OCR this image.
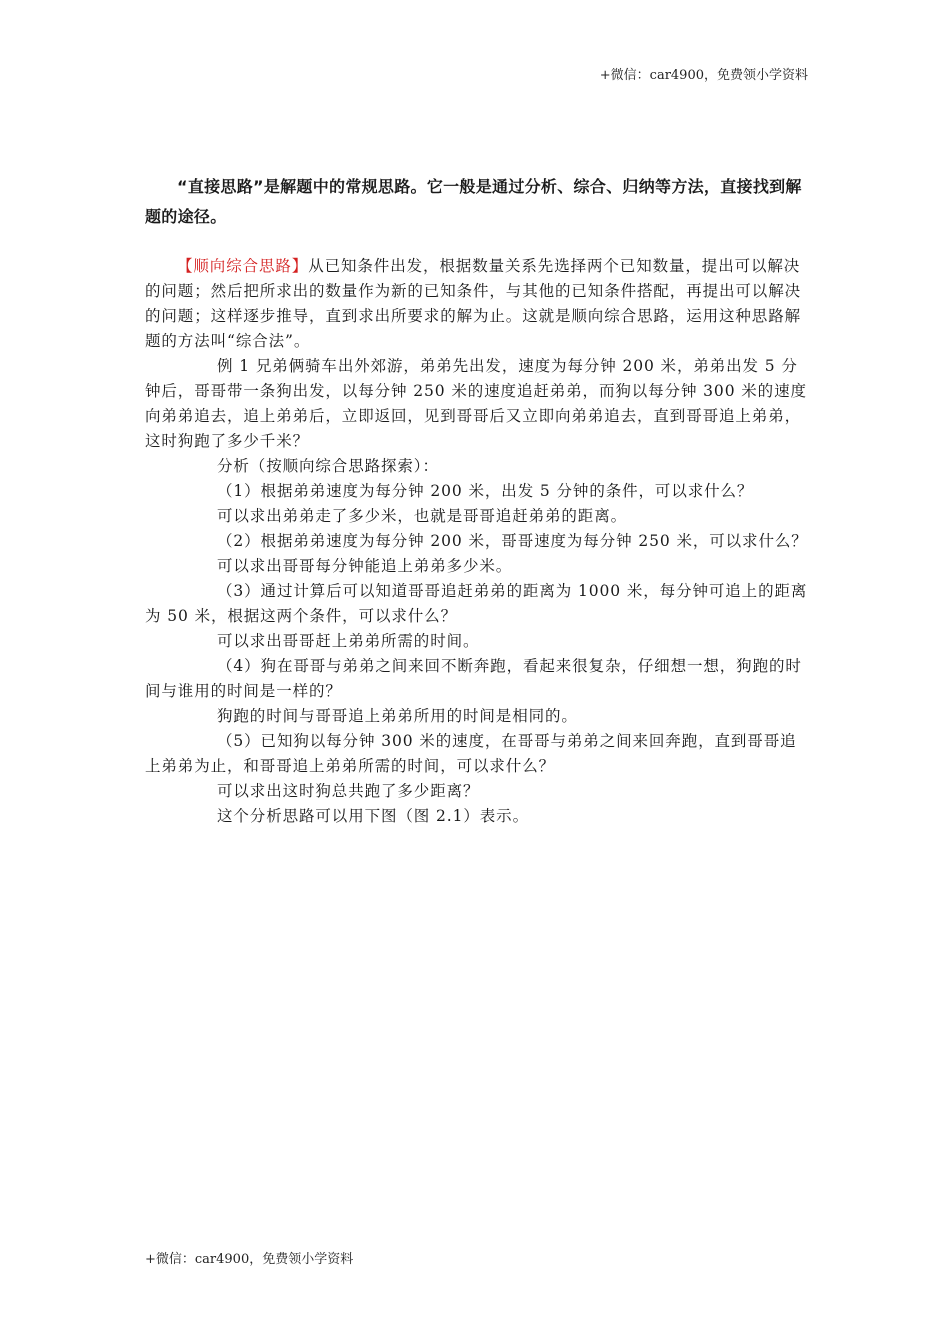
+微信：car4900，免费领小学资料

“直接思路”是解题中的常规思路。它一般是通过分析、综合、归纳等方法，直接找到解题的途径。

【顺向综合思路】从已知条件出发，根据数量关系先选择两个已知数量，提出可以解决的问题；然后把所求出的数量作为新的已知条件，与其他的已知条件搭配，再提出可以解决的问题；这样逐步推导，直到求出所要求的解为止。这就是顺向综合思路，运用这种思路解题的方法叫“综合法”。

例 1 兄弟俩骑车出外郊游，弟弟先出发，速度为每分钟 200 米，弟弟出发 5 分钟后，哥哥带一条狗出发，以每分钟 250 米的速度追赶弟弟，而狗以每分钟 300 米的速度向弟弟追去，追上弟弟后，立即返回，见到哥哥后又立即向弟弟追去，直到哥哥追上弟弟，这时狗跑了多少千米？

分析（按顺向综合思路探索）：

（1）根据弟弟速度为每分钟 200 米，出发 5 分钟的条件，可以求什么？

可以求出弟弟走了多少米，也就是哥哥追赶弟弟的距离。

（2）根据弟弟速度为每分钟 200 米，哥哥速度为每分钟 250 米，可以求什么？

可以求出哥哥每分钟能追上弟弟多少米。

（3）通过计算后可以知道哥哥追赶弟弟的距离为 1000 米，每分钟可追上的距离为 50 米，根据这两个条件，可以求什么？

可以求出哥哥赶上弟弟所需的时间。

（4）狗在哥哥与弟弟之间来回不断奔跑，看起来很复杂，仔细想一想，狗跑的时间与谁用的时间是一样的？

狗跑的时间与哥哥追上弟弟所用的时间是相同的。

（5）已知狗以每分钟 300 米的速度，在哥哥与弟弟之间来回奔跑，直到哥哥追上弟弟为止，和哥哥追上弟弟所需的时间，可以求什么？

可以求出这时狗总共跑了多少距离？

这个分析思路可以用下图（图 2.1）表示。

+微信：car4900，免费领小学资料
